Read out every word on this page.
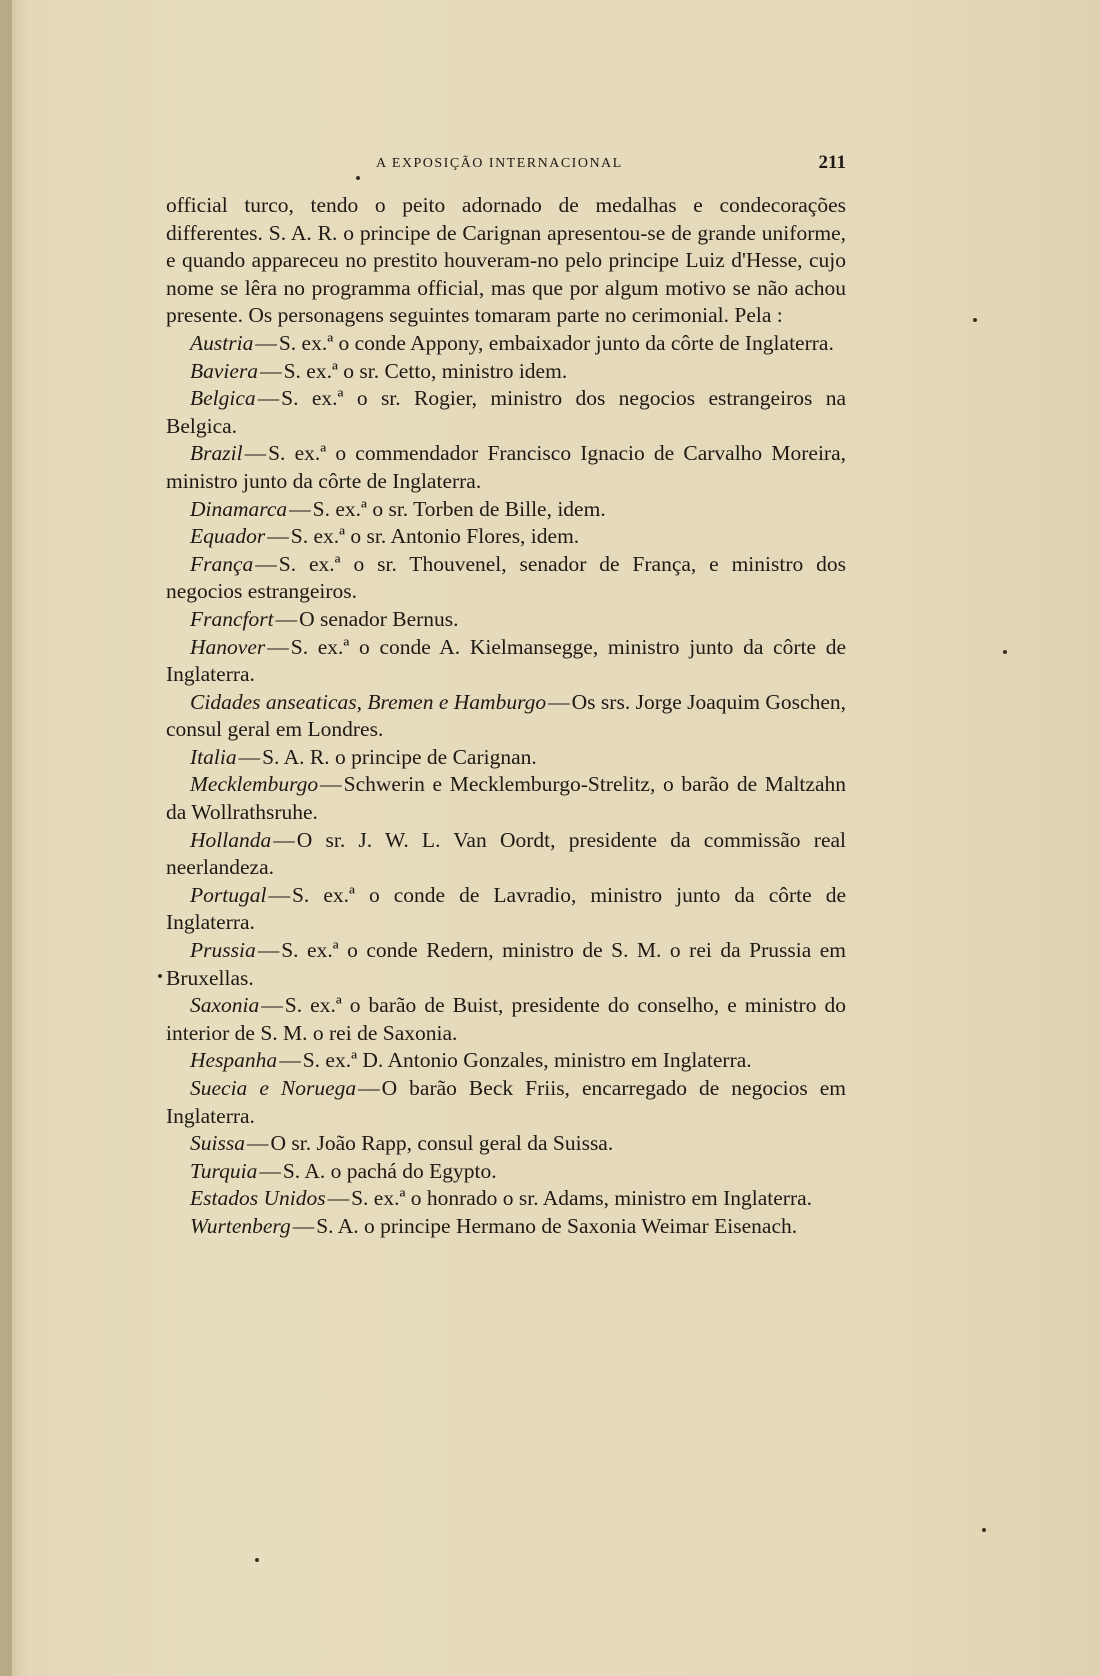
A EXPOSIÇÃO INTERNACIONAL	211

official turco, tendo o peito adornado de medalhas e condecorações differentes. S. A. R. o principe de Carignan apresentou-se de grande uniforme, e quando appareceu no prestito houveram-no pelo principe Luiz d'Hesse, cujo nome se lêra no programma official, mas que por algum motivo se não achou presente. Os personagens seguintes tomaram parte no cerimonial. Pela :

Austria—S. ex.ª o conde Appony, embaixador junto da côrte de Inglaterra.

Baviera—S. ex.ª o sr. Cetto, ministro idem.

Belgica—S. ex.ª o sr. Rogier, ministro dos negocios estrangeiros na Belgica.

Brazil—S. ex.ª o commendador Francisco Ignacio de Carvalho Moreira, ministro junto da côrte de Inglaterra.

Dinamarca—S. ex.ª o sr. Torben de Bille, idem.

Equador—S. ex.ª o sr. Antonio Flores, idem.

França—S. ex.ª o sr. Thouvenel, senador de França, e ministro dos negocios estrangeiros.

Francfort—O senador Bernus.

Hanover—S. ex.ª o conde A. Kielmansegge, ministro junto da côrte de Inglaterra.

Cidades anseaticas, Bremen e Hamburgo—Os srs. Jorge Joaquim Goschen, consul geral em Londres.

Italia—S. A. R. o principe de Carignan.

Mecklemburgo—Schwerin e Mecklemburgo-Strelitz, o barão de Maltzahn da Wollrathsruhe.

Hollanda—O sr. J. W. L. Van Oordt, presidente da commissão real neerlandeza.

Portugal—S. ex.ª o conde de Lavradio, ministro junto da côrte de Inglaterra.

Prussia—S. ex.ª o conde Redern, ministro de S. M. o rei da Prussia em Bruxellas.

Saxonia—S. ex.ª o barão de Buist, presidente do conselho, e ministro do interior de S. M. o rei de Saxonia.

Hespanha—S. ex.ª D. Antonio Gonzales, ministro em Inglaterra.

Suecia e Noruega—O barão Beck Friis, encarregado de negocios em Inglaterra.

Suissa—O sr. João Rapp, consul geral da Suissa.

Turquia—S. A. o pachá do Egypto.

Estados Unidos—S. ex.ª o honrado o sr. Adams, ministro em Inglaterra.

Wurtenberg—S. A. o principe Hermano de Saxonia Weimar Eisenach.
